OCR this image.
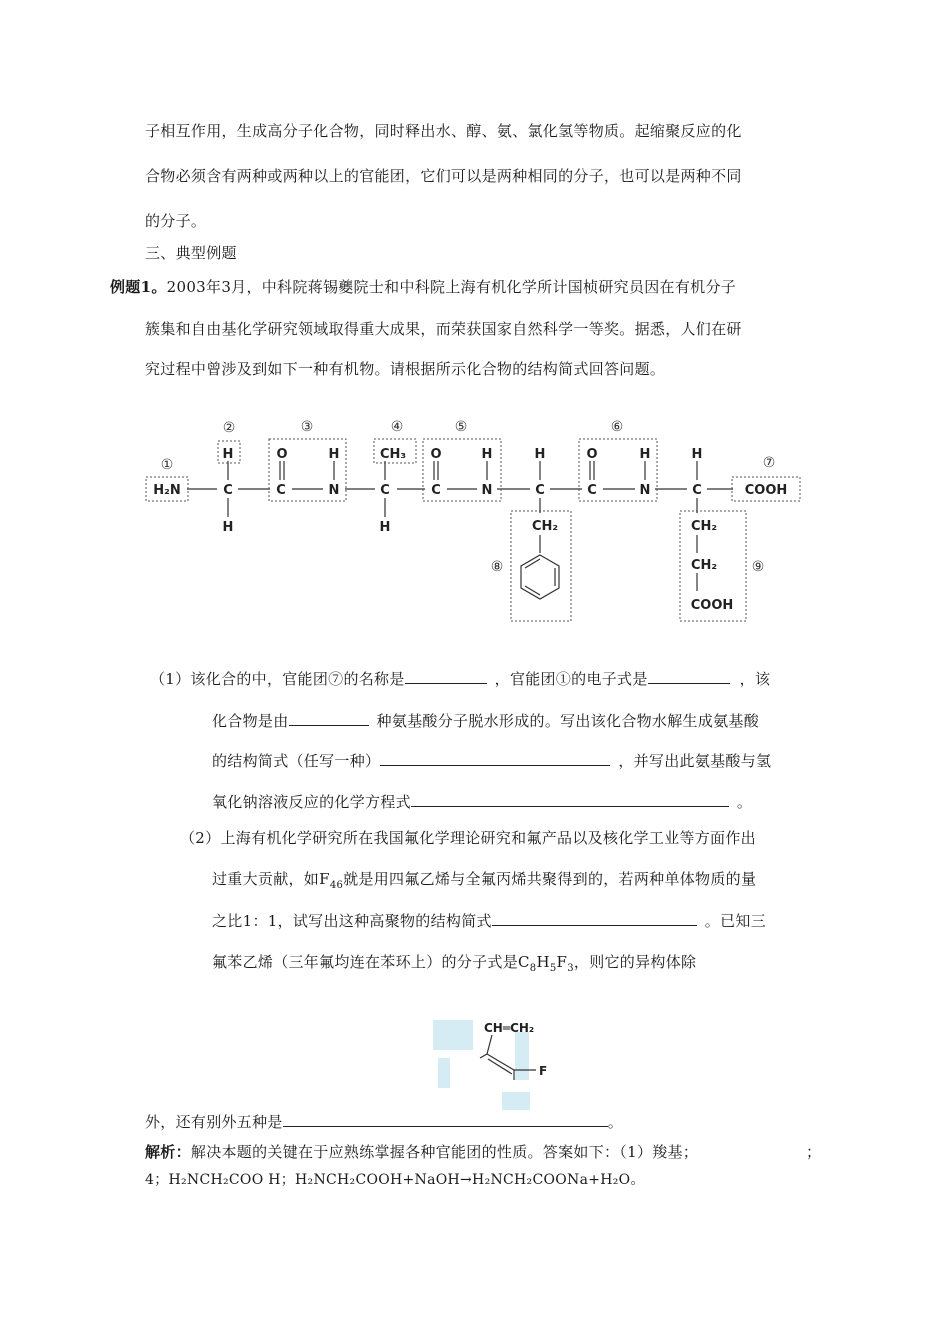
子相互作用，生成高分子化合物，同时释出水、醇、氨、氯化氢等物质。起缩聚反应的化
合物必须含有两种或两种以上的官能团，它们可以是两种相同的分子，也可以是两种不同
的分子。
三、典型例题
例题1。2003年3月，中科院蒋锡夔院士和中科院上海有机化学所计国桢研究员因在有机分子
簇集和自由基化学研究领域取得重大成果，而荣获国家自然科学一等奖。据悉，人们在研
究过程中曾涉及到如下一种有机物。请根据所示化合物的结构简式回答问题。
①
②	③	④	⑤	⑥
⑦
⑧	⑨
H₂N
H
C
H
O
C
H
N
CH₃
C
H
O
C
H
N
H
C
CH₂
O
C
H
N
H
C	COOH
CH₂
CH₂
COOH
（1）该化合的中，官能团⑦的名称是	，官能团①的电子式是	，该
化合物是由	种氨基酸分子脱水形成的。写出该化合物水解生成氨基酸
的结构简式（任写一种）	，并写出此氨基酸与氢
氧化钠溶液反应的化学方程式	。
（2）上海有机化学研究所在我国氟化学理论研究和氟产品以及核化学工业等方面作出
过重大贡献，如$F_{46}$就是用四氟乙烯与全氟丙烯共聚得到的，若两种单体物质的量
之比1：1，试写出这种高聚物的结构简式	。已知三
氟苯乙烯（三年氟均连在苯环上）的分子式是$C_8H_5F_3$，则它的异构体除
CH═CH₂
F
外，还有别外五种是	。
解析：解决本题的关键在于应熟练掌握各种官能团的性质。答案如下：（1）羧基；	；
4；H₂NCH₂COO H；H₂NCH₂COOH+NaOH→H₂NCH₂COONa+H₂O。
